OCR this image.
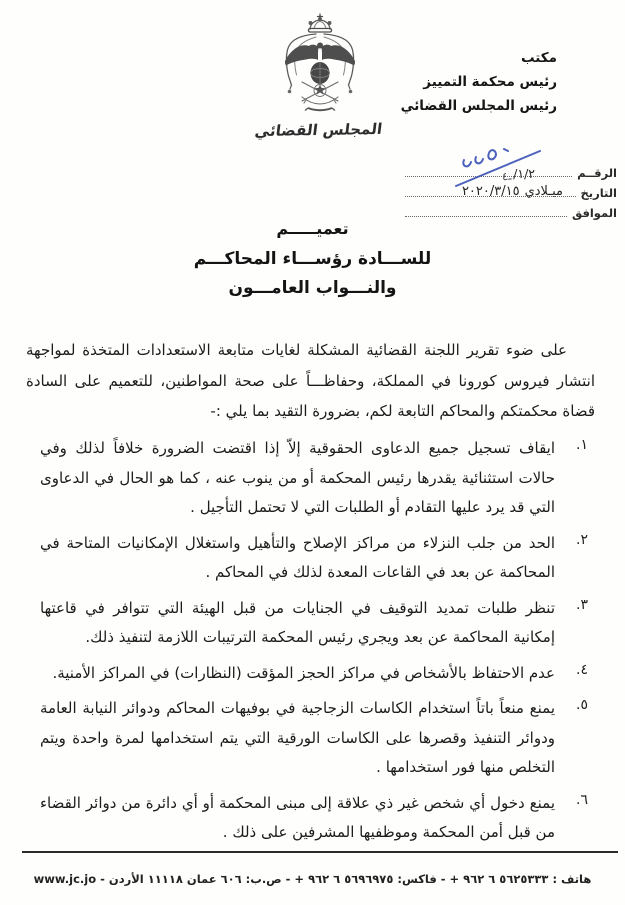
المجلس القضائي
مكتب
رئيس محكمة التمييز
رئيس المجلس القضائي
الرقــم
التاريخ
الموافق
/١/٢
ـ٤
ميـلادي
٢٠٢٠/٣/١٥
تعميـــــم
للســـادة رؤســـاء المحاكـــم
والنـــواب العامـــون

على ضوء تقرير اللجنة القضائية المشكلة لغايات متابعة الاستعدادات المتخذة لمواجهة انتشار فيروس كورونا في المملكة، وحفاظـــاً على صحة المواطنين، للتعميم على السادة قضاة محكمتكم والمحاكم التابعة لكم، بضرورة التقيد بما يلي :-

١.
ايقاف تسجيل جميع الدعاوى الحقوقية إلاّ إذا اقتضت الضرورة خلافاً لذلك وفي حالات استثنائية يقدرها رئيس المحكمة أو من ينوب عنه ، كما هو الحال في الدعاوى التي قد يرد عليها التقادم أو الطلبات التي لا تحتمل التأجيل .
٢.
الحد من جلب النزلاء من مراكز الإصلاح والتأهيل واستغلال الإمكانيات المتاحة في المحاكمة عن بعد في القاعات المعدة لذلك في المحاكم .
٣.
تنظر طلبات تمديد التوقيف في الجنايات من قبل الهيئة التي تتوافر في قاعتها إمكانية المحاكمة عن بعد ويجري رئيس المحكمة الترتيبات اللازمة لتنفيذ ذلك.
٤.
عدم الاحتفاظ بالأشخاص في مراكز الحجز المؤقت (النظارات) في المراكز الأمنية.
٥.
يمنع منعاً باتاً استخدام الكاسات الزجاجية في بوفيهات المحاكم ودوائر النيابة العامة ودوائر التنفيذ وقصرها على الكاسات الورقية التي يتم استخدامها لمرة واحدة ويتم التخلص منها فور استخدامها .
٦.
يمنع دخول أي شخص غير ذي علاقة إلى مبنى المحكمة أو أي دائرة من دوائر القضاء من قبل أمن المحكمة وموظفيها المشرفين على ذلك .
هاتف : ٥٦٢٥٣٣٣ ٦ ٩٦٢ + - فاكس: ٥٦٩٦٩٧٥ ٦ ٩٦٢ + - ص.ب: ٦٠٦ عمان ١١١١٨ الأردن - www.jc.jo
